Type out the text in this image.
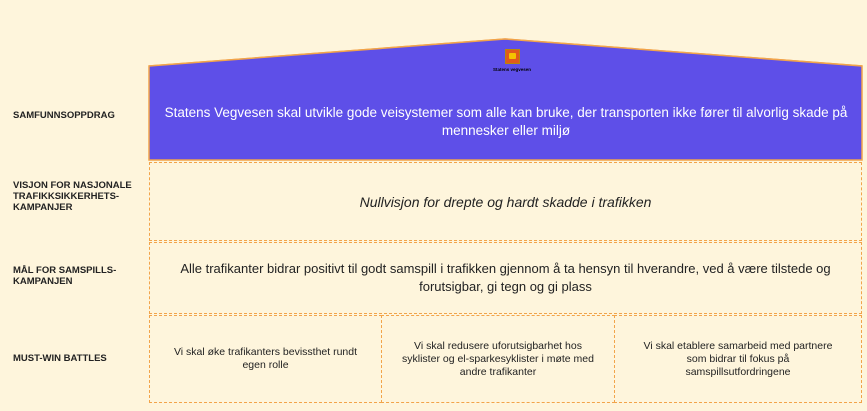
SAMFUNNSOPPDRAG
VISJON FOR NASJONALE TRAFIKKSIKKERHETS-KAMPANJER
MÅL FOR SAMSPILLS-KAMPANJEN
MUST-WIN BATTLES
Statens vegvesen
Statens Vegvesen skal utvikle gode veisystemer som alle kan bruke, der transporten ikke fører til alvorlig skade på mennesker eller miljø
Nullvisjon for drepte og hardt skadde i trafikken
Alle trafikanter bidrar positivt til godt samspill i trafikken gjennom å ta hensyn til hverandre, ved å være tilstede og forutsigbar, gi tegn og gi plass
Vi skal øke trafikanters bevissthet rundt egen rolle
Vi skal redusere uforutsigbarhet hos syklister og el-sparkesyklister i møte med andre trafikanter
Vi skal etablere samarbeid med partnere som bidrar til fokus på samspillsutfordringene
